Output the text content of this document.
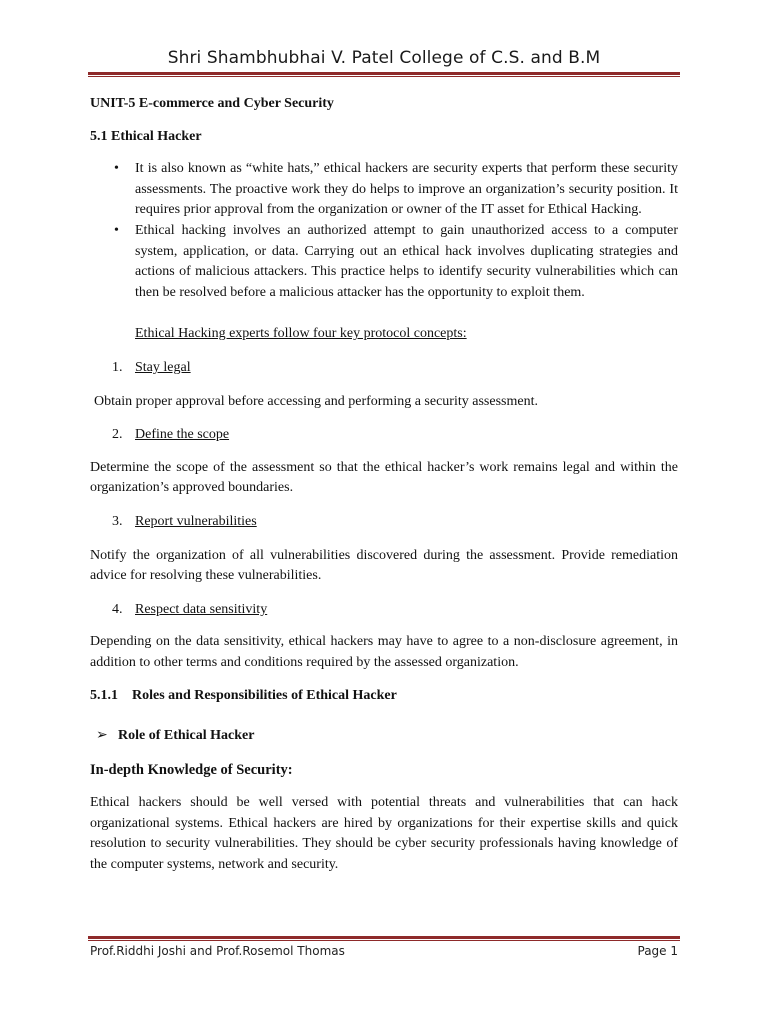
Shri Shambhubhai V. Patel College of C.S. and B.M
UNIT-5 E-commerce and Cyber Security
5.1 Ethical Hacker
• It is also known as “white hats,” ethical hackers are security experts that perform these security assessments. The proactive work they do helps to improve an organization’s security position. It requires prior approval from the organization or owner of the IT asset for Ethical Hacking.
• Ethical hacking involves an authorized attempt to gain unauthorized access to a computer system, application, or data. Carrying out an ethical hack involves duplicating strategies and actions of malicious attackers. This practice helps to identify security vulnerabilities which can then be resolved before a malicious attacker has the opportunity to exploit them.
Ethical Hacking experts follow four key protocol concepts:
1. Stay legal
Obtain proper approval before accessing and performing a security assessment.
2. Define the scope
Determine the scope of the assessment so that the ethical hacker’s work remains legal and within the organization’s approved boundaries.
3. Report vulnerabilities
Notify the organization of all vulnerabilities discovered during the assessment. Provide remediation advice for resolving these vulnerabilities.
4. Respect data sensitivity
Depending on the data sensitivity, ethical hackers may have to agree to a non-disclosure agreement, in addition to other terms and conditions required by the assessed organization.
5.1.1 Roles and Responsibilities of Ethical Hacker
➢ Role of Ethical Hacker
In-depth Knowledge of Security:
Ethical hackers should be well versed with potential threats and vulnerabilities that can hack organizational systems. Ethical hackers are hired by organizations for their expertise skills and quick resolution to security vulnerabilities. They should be cyber security professionals having knowledge of the computer systems, network and security.
Prof.Riddhi Joshi and Prof.Rosemol Thomas	Page 1
